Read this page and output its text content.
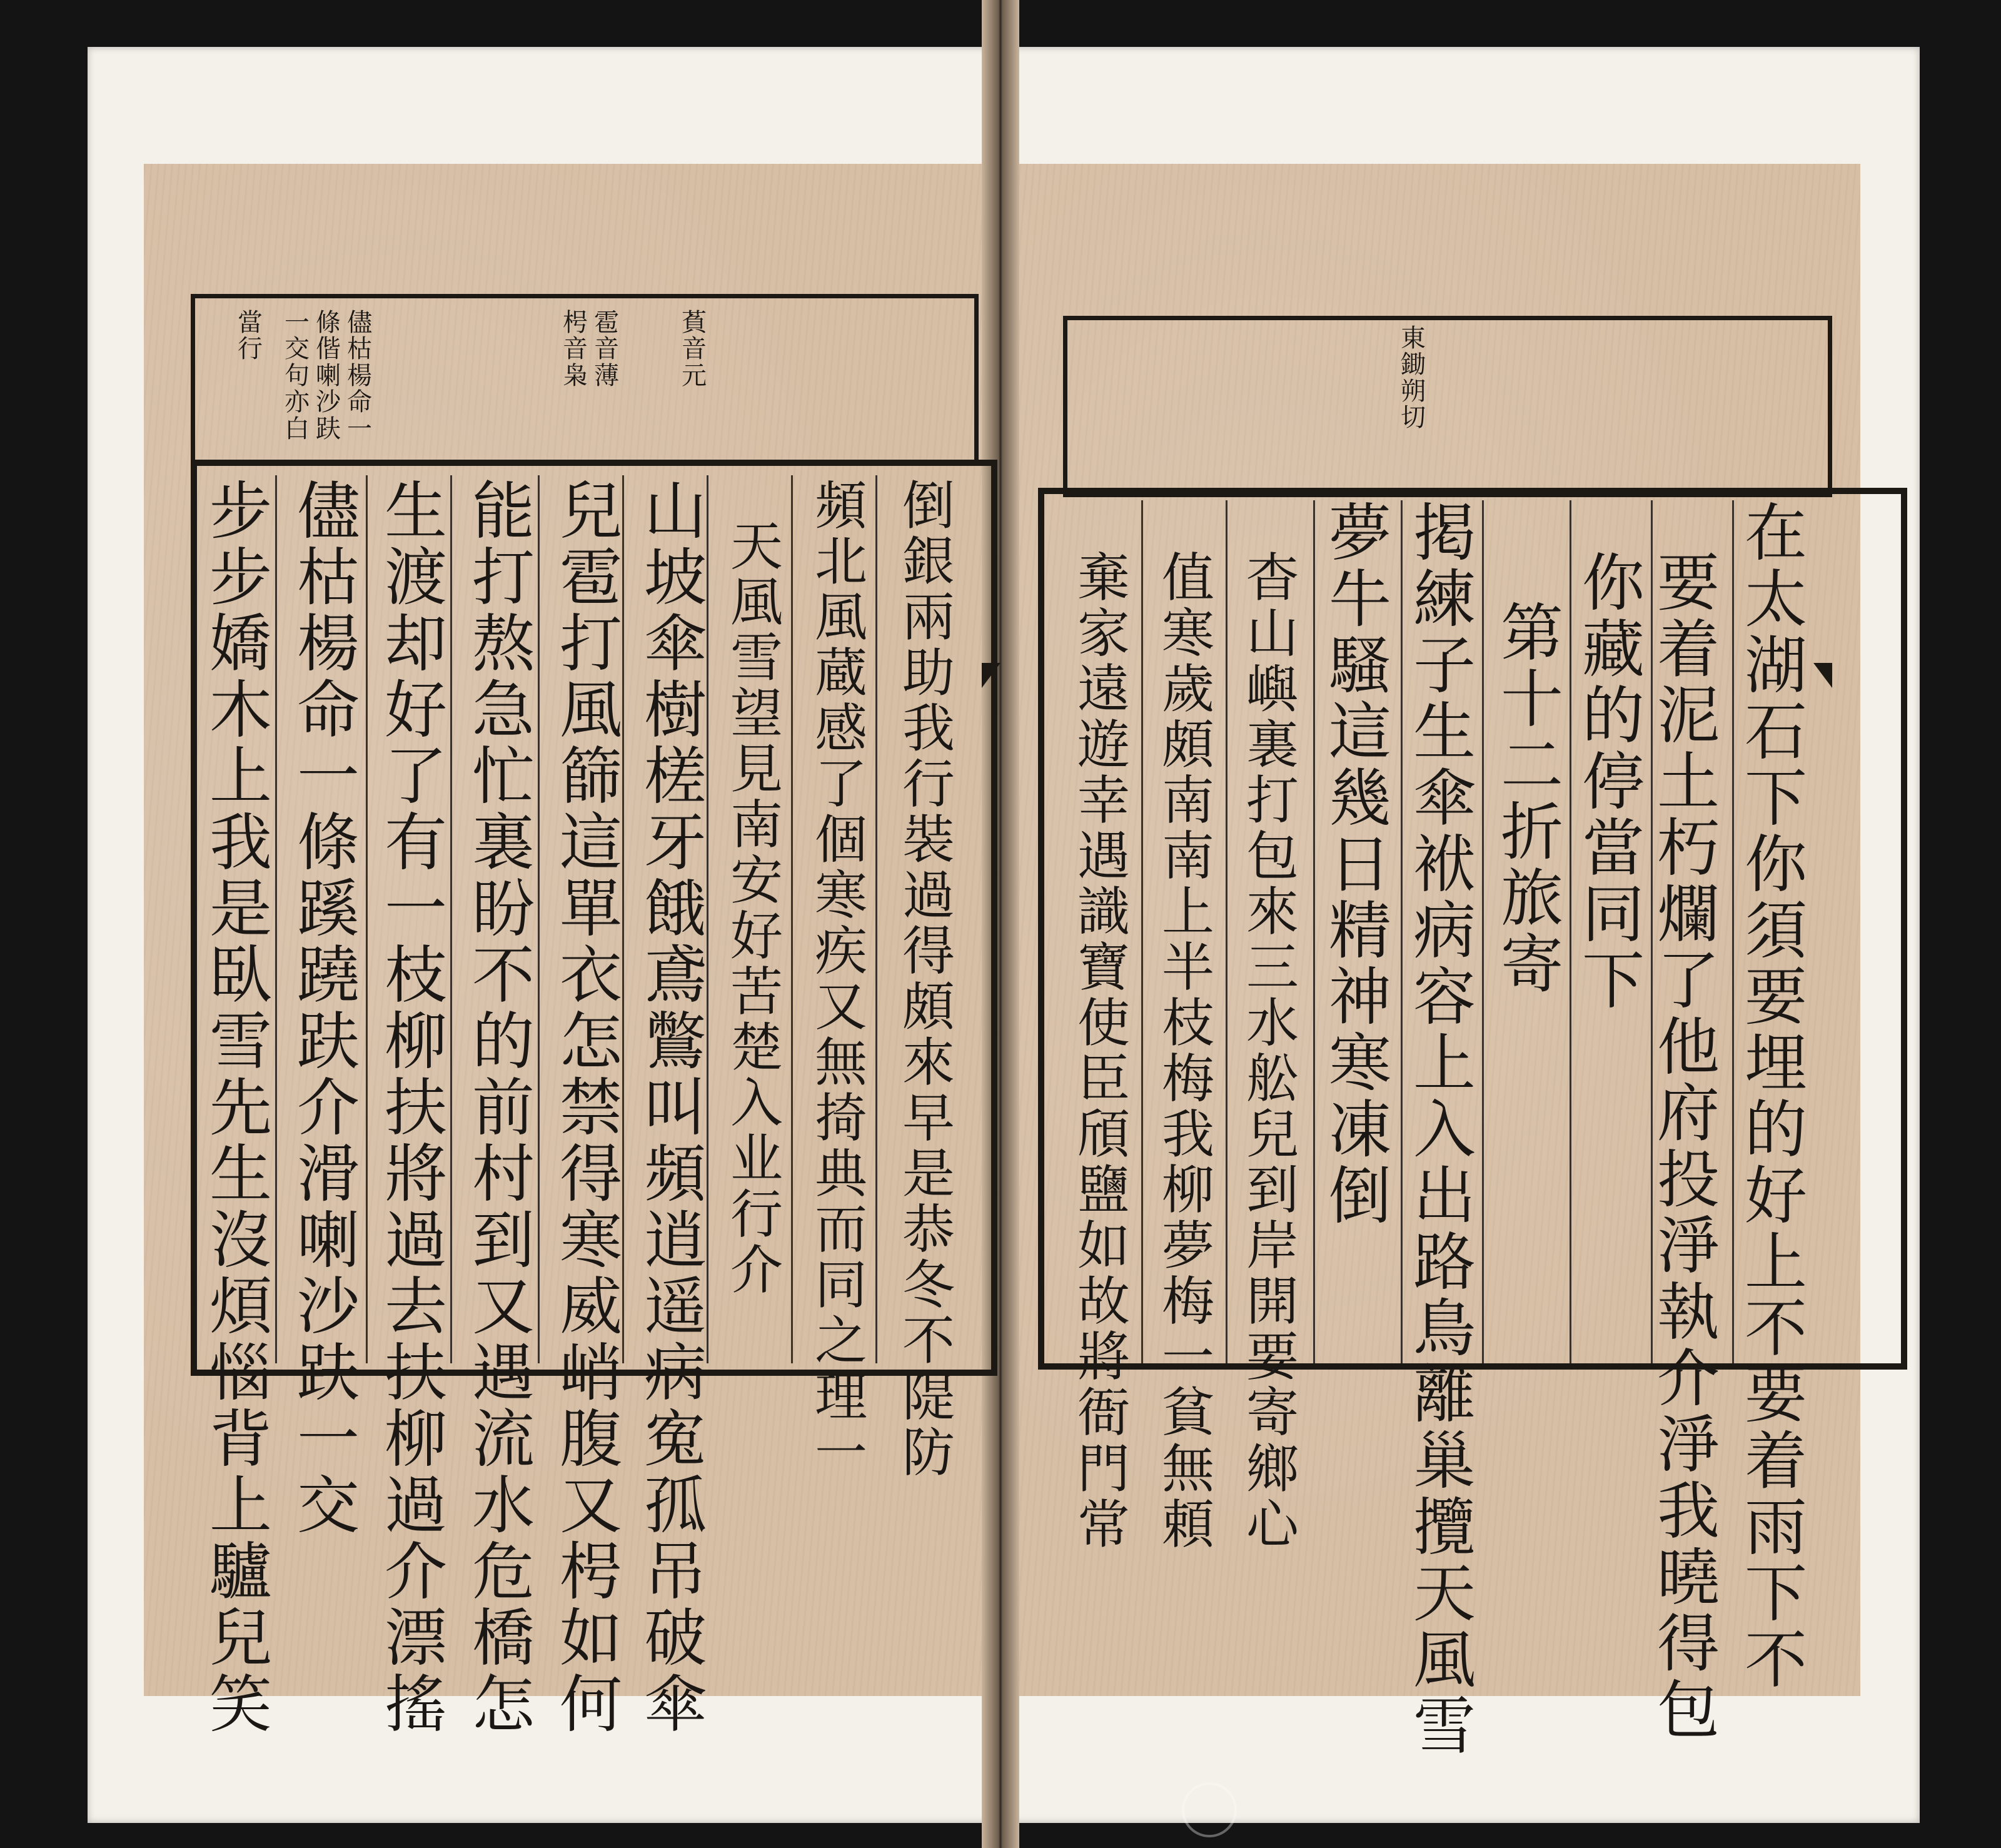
萯
音
元
雹
音
薄
枵
音
枭
儘
枯
楊
命
一
條
偕
喇
沙
趺
一
交
句
亦
白
當
行
倒
銀
兩
助
我
行
裝
過
得
頗
來
早
是
恭
冬
不
隄
防
頻
北
風
蔵
感
了
個
寒
疾
又
無
掎
典
而
同
之
理
一
天
風
雪
望
見
南
安
好
苦
楚
入
业
行
介
山
坡
傘
樹
槎
牙
餓
鳶
鷩
叫
頻
逍
遥
病
寃
孤
吊
破
傘
兒
雹
打
風
篩
這
單
衣
怎
禁
得
寒
威
峭
腹
又
枵
如
何
能
打
熬
急
忙
裏
盼
不
的
前
村
到
又
遇
流
水
危
橋
怎
生
渡
却
好
了
有
一
枝
柳
扶
將
過
去
扶
柳
過
介
漂
搖
儘
枯
楊
命
一
條
蹊
蹺
趺
介
滑
喇
沙
趺
一
交
步
步
嬌
木
上
我
是
臥
雪
先
生
沒
煩
惱
背
上
驢
兒
笑
東
鋤
朔
切
在
太
湖
石
下
你
須
要
埋
的
好
上
不
要
着
雨
下
不
要
着
泥
土
朽
爛
了
他
府
投
淨
執
介
淨
我
曉
得
包
你
藏
的
停
當
同
下
第
十
二
折
旅
寄
掲
練
子
生
傘
袱
病
容
上
入
出
路
鳥
離
巢
攬
天
風
雪
夢
牛
騷
這
幾
日
精
神
寒
凍
倒
杳
山
嶼
裏
打
包
來
三
水
舩
兒
到
岸
開
要
寄
鄉
心
值
寒
歲
頗
南
南
上
半
枝
梅
我
柳
夢
梅
一
貧
無
頼
棄
家
遠
遊
幸
遇
識
寶
使
臣
頎
鹽
如
故
將
衙
門
常
